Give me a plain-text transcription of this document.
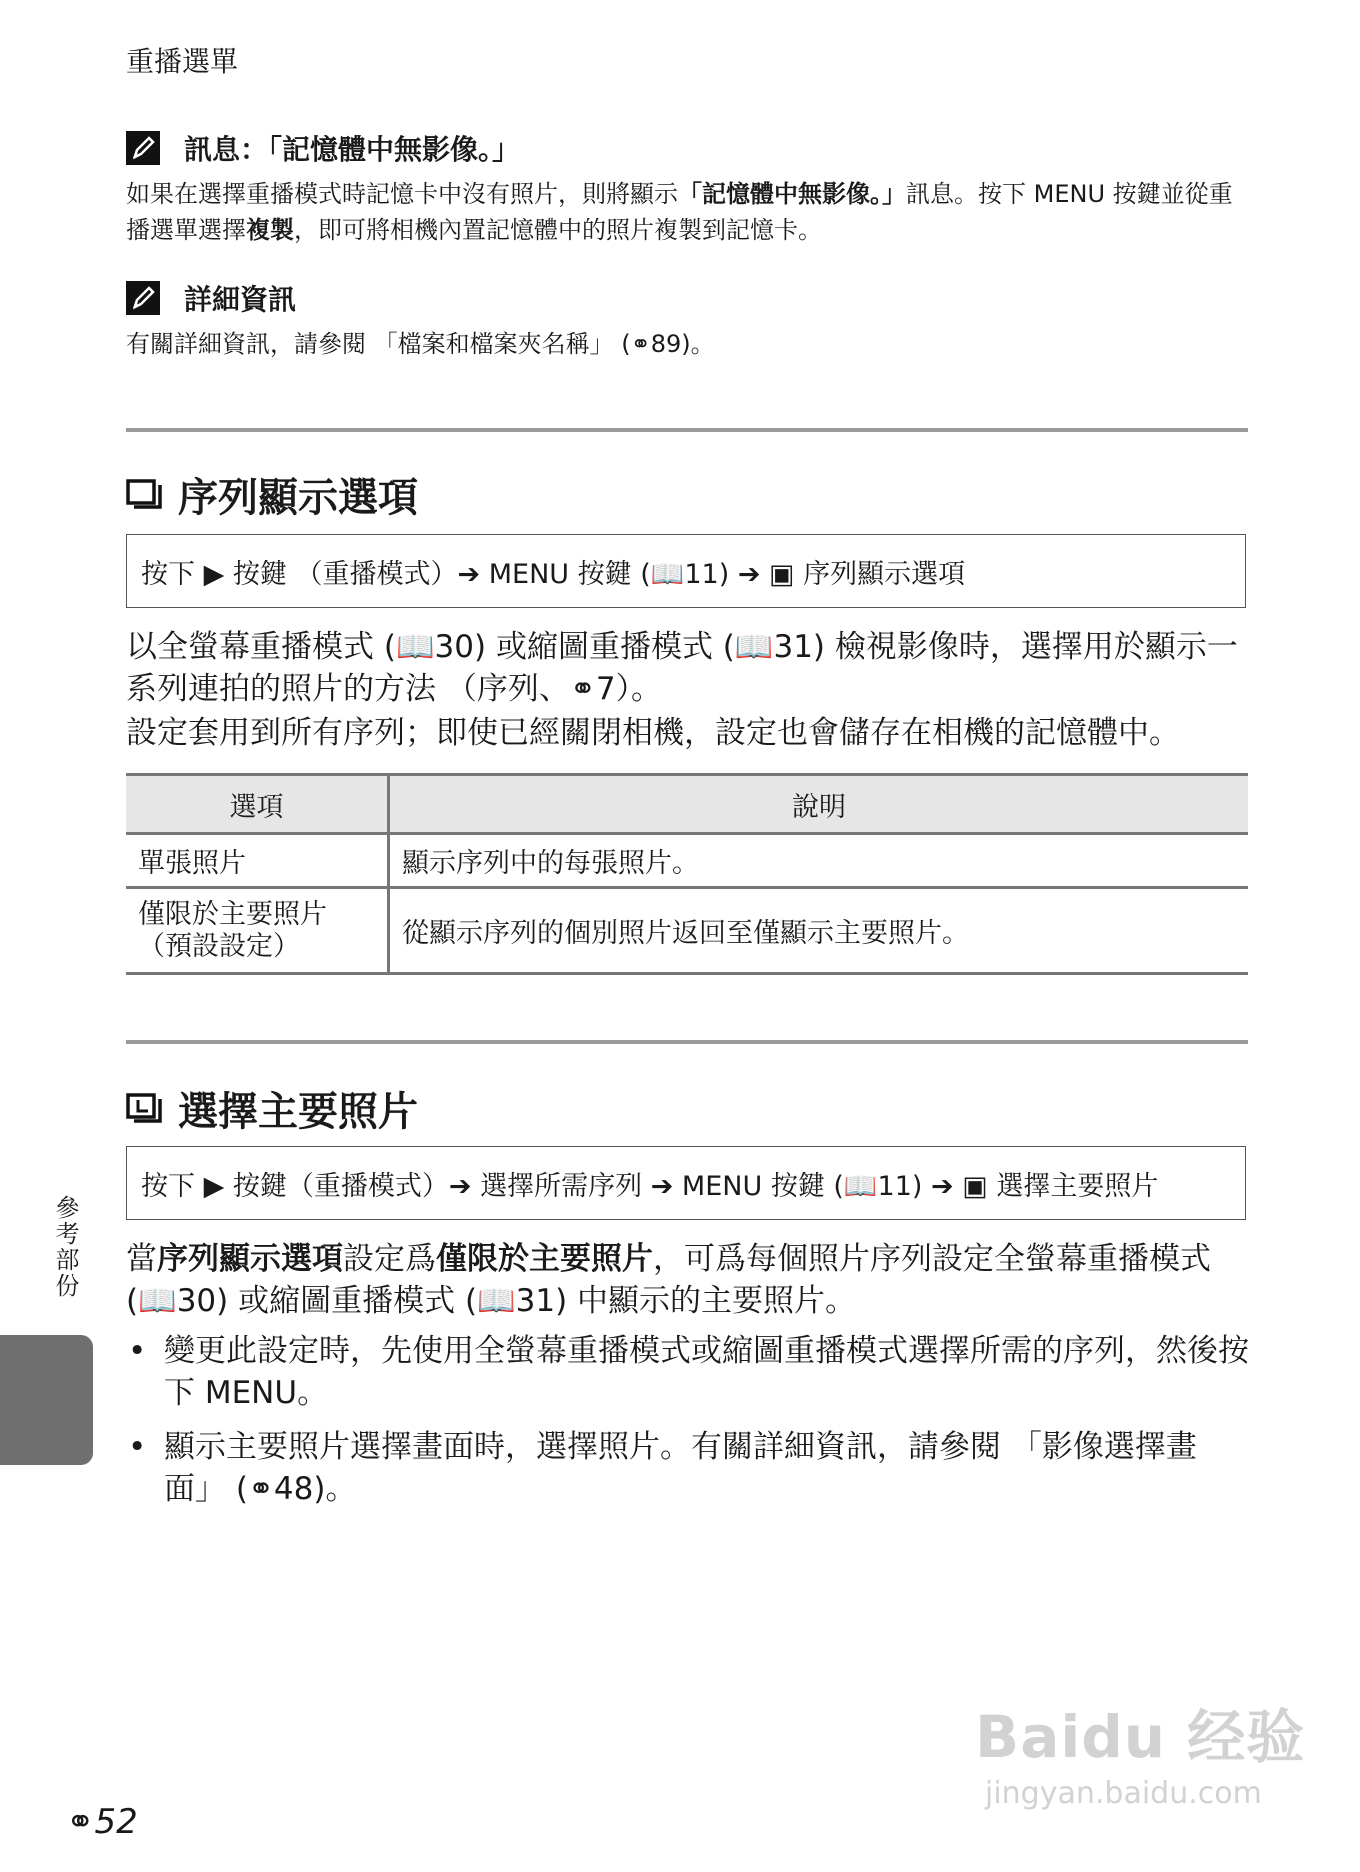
重播選單
訊息：「記憶體中無影像。」
如果在選擇重播模式時記憶卡中沒有照片，則將顯示「記憶體中無影像。」訊息。按下 MENU 按鍵並從重播選單選擇複製，即可將相機內置記憶體中的照片複製到記憶卡。
詳細資訊
有關詳細資訊，請參閱 「檔案和檔案夾名稱」 (⚭89)。
序列顯示選項
按下 ▶ 按鍵 （重播模式）➔ MENU 按鍵 (📖11) ➔ ▣ 序列顯示選項
以全螢幕重播模式 (📖30) 或縮圖重播模式 (📖31) 檢視影像時，選擇用於顯示一系列連拍的照片的方法 （序列、⚭7）。
設定套用到所有序列；即使已經關閉相機，設定也會儲存在相機的記憶體中。
選項	說明
單張照片	顯示序列中的每張照片。
僅限於主要照片
（預設設定）	從顯示序列的個別照片返回至僅顯示主要照片。
選擇主要照片
按下 ▶ 按鍵（重播模式）➔ 選擇所需序列 ➔ MENU 按鍵 (📖11) ➔ ▣ 選擇主要照片
當序列顯示選項設定爲僅限於主要照片，可爲每個照片序列設定全螢幕重播模式 (📖30) 或縮圖重播模式 (📖31) 中顯示的主要照片。
• 變更此設定時，先使用全螢幕重播模式或縮圖重播模式選擇所需的序列，然後按下 MENU。
• 顯示主要照片選擇畫面時，選擇照片。有關詳細資訊，請參閱 「影像選擇畫面」 (⚭48)。
參考部份
⚭52
Baidu 经验
jingyan.baidu.com
